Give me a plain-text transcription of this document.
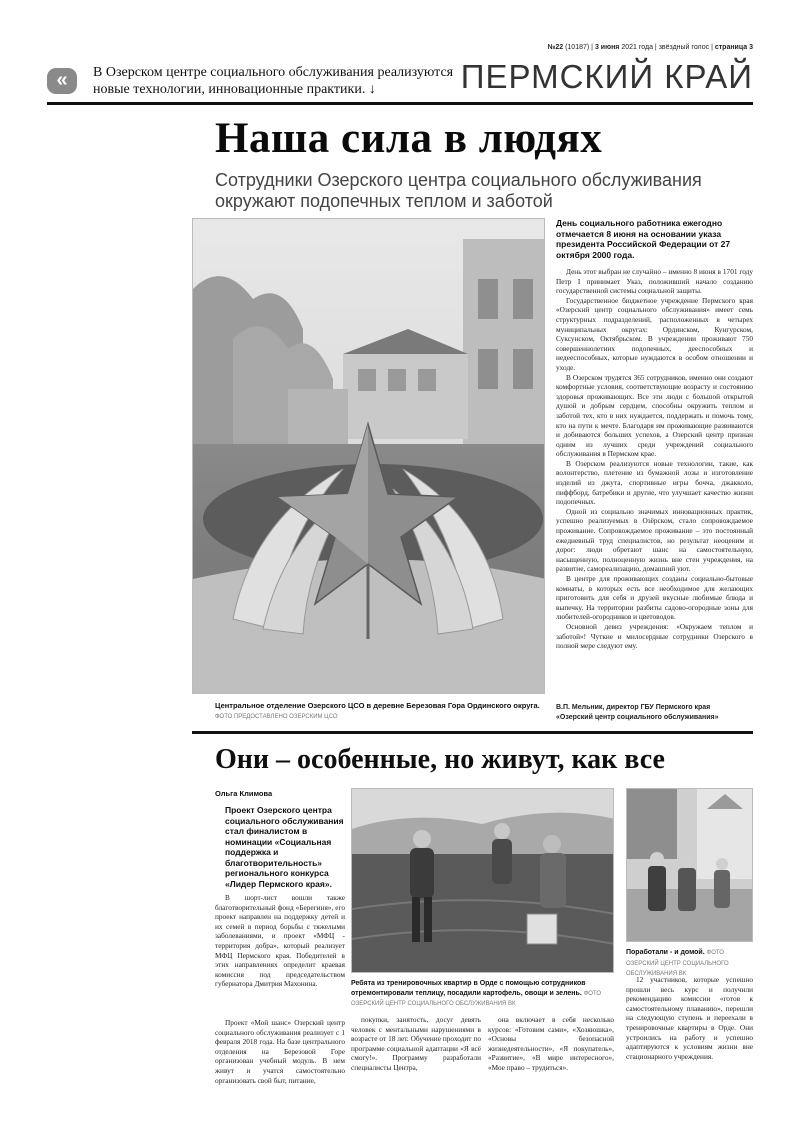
№22 (10187) | 3 июня 2021 года | звёздный голос | страница 3
«	В Озерском центре социального обслуживания реализуются новые технологии, инновационные практики. ↓	ПЕРМСКИЙ КРАЙ
Наша сила в людях
Сотрудники Озерского центра социального обслуживания окружают подопечных теплом и заботой
Центральное отделение Озерского ЦСО в деревне Березовая Гора Ординского округа. ФОТО ПРЕДОСТАВЛЕНО ОЗЕРСКИМ ЦСО
День социального работника ежегодно отмечается 8 июня на основании указа президента Российской Федерации от 27 октября 2000 года.

День этот выбран не случайно – именно 8 июня в 1701 году Петр I принимает Указ, положивший начало созданию государственной системы социальной защиты.

Государственное бюджетное учреждение Пермского края «Озерский центр социального обслуживания» имеет семь структурных подразделений, расположенных в четырех муниципальных округах: Ординском, Кунгурском, Суксунском, Октябрьском. В учреждении проживают 750 совершеннолетних подопечных, дееспособных и недееспособных, которые нуждаются в особом отношении и уходе.

В Озерском трудятся 365 сотрудников, именно они создают комфортные условия, соответствующие возрасту и состоянию здоровья проживающих. Все эти люди с большой открытой душой и добрым сердцем, способны окружить теплом и заботой тех, кто в них нуждается, поддержать и помочь тому, кто на пути к мечте. Благодаря им проживающие развиваются и добиваются больших успехов, а Озерский центр признан одним из лучших среди учреждений социального обслуживания в Пермском крае.

В Озерском реализуются новые технологии, такие, как волонтерство, плетение из бумажной лозы и изготовление изделий из джута, спортивные игры бочча, джакколо, пиффборд, батребики и другие, что улучшает качество жизни подопечных.

Одной из социально значимых инновационных практик, успешно реализуемых в Озёрском, стало сопровождаемое проживание. Сопровождаемое проживание – это постоянный ежедневный труд специалистов, но результат неоценим и дорог: люди обретают шанс на самостоятельную, насыщенную, полноценную жизнь вне стен учреждения, на развитие, самореализацию, домашний уют.

В центре для проживающих созданы социально-бытовые комнаты, в которых есть все необходимое для желающих приготовить для себя и друзей вкусные любимые блюда и выпечку. На территории разбиты садово-огородные зоны для любителей-огородников и цветоводов.

Основной девиз учреждения: «Окружаем теплом и заботой»! Чуткие и милосердные сотрудники Озерского в полной мере следуют ему.

В.П. Мельник, директор ГБУ Пермского края
«Озерский центр социального обслуживания»
Они – особенные, но живут, как все
Ольга Климова
Проект Озерского центра социального обслуживания стал финалистом в номинации «Социальная поддержка и благотворительность» регионального конкурса «Лидер Пермского края».

В шорт-лист вошли также благотворительный фонд «Берегиня», его проект направлен на поддержку детей и их семей в период борьбы с тяжелыми заболеваниями, и проект «МФЦ - территория добра», который реализует МФЦ Пермского края. Победителей в этих направлениях определит краевая комиссия под председательством губернатора Дмитрия Махонина.

Проект «Мой шанс» Озерский центр социального обслуживания реализует с 1 февраля 2018 года. На базе центрального отделения на Березовой Горе организован учебный модуль. В нем живут и учатся самостоятельно организовать свой быт, питание,

Ребята из тренировочных квартир в Орде с помощью сотрудников отремонтировали теплицу, посадили картофель, овощи и зелень. ФОТО ОЗЕРСКИЙ ЦЕНТР СОЦИАЛЬНОГО ОБСЛУЖИВАНИЯ ВК
Поработали - и домой. ФОТО ОЗЕРСКИЙ ЦЕНТР СОЦИАЛЬНОГО ОБСЛУЖИВАНИЯ ВК

покупки, занятость, досуг девять человек с ментальными нарушениями в возрасте от 18 лет. Обучение проходит по программе социальной адаптации «Я всё смогу!». Программу разработали специалисты Центра,

она включает в себя несколько курсов: «Готовим сами», «Хозяюшка», «Основы безопасной жизнедеятельности», «Я покупатель», «Развитие», «В мире интересного», «Мое право – трудиться».

12 участников, которые успешно прошли весь курс и получили рекомендацию комиссии «готов к самостоятельному плаванию», перешли на следующую ступень и переехали в тренировочные квартиры в Орде. Они устроились на работу и успешно адаптируются к условиям жизни вне стационарного учреждения.
